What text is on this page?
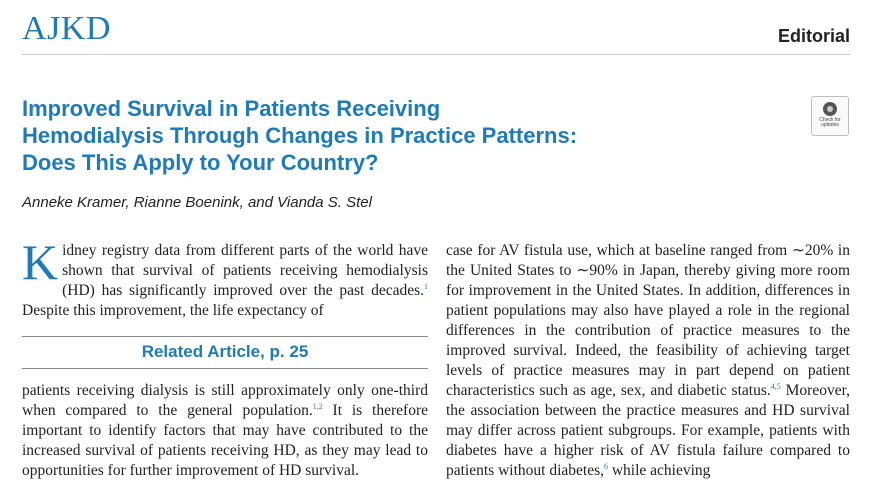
AJKD	Editorial
Improved Survival in Patients Receiving Hemodialysis Through Changes in Practice Patterns: Does This Apply to Your Country?
Check for
updates
Anneke Kramer, Rianne Boenink, and Vianda S. Stel
Kidney registry data from different parts of the world have shown that survival of patients receiving hemodialysis (HD) has significantly improved over the past decades.$^1$ Despite this improvement, the life expectancy of
Related Article, p. 25
patients receiving dialysis is still approximately only one-third when compared to the general population.$^{1,2}$ It is therefore important to identify factors that may have contributed to the increased survival of patients receiving HD, as they may lead to opportunities for further improvement of HD survival.
case for AV fistula use, which at baseline ranged from ∼20% in the United States to ∼90% in Japan, thereby giving more room for improvement in the United States. In addition, differences in patient populations may also have played a role in the regional differences in the contribution of practice measures to the improved survival. Indeed, the feasibility of achieving target levels of practice measures may in part depend on patient characteristics such as age, sex, and diabetic status.$^{4,5}$ Moreover, the association between the practice measures and HD survival may differ across patient subgroups. For example, patients with diabetes have a higher risk of AV fistula failure compared to patients without diabetes,$^6$ while achieving
